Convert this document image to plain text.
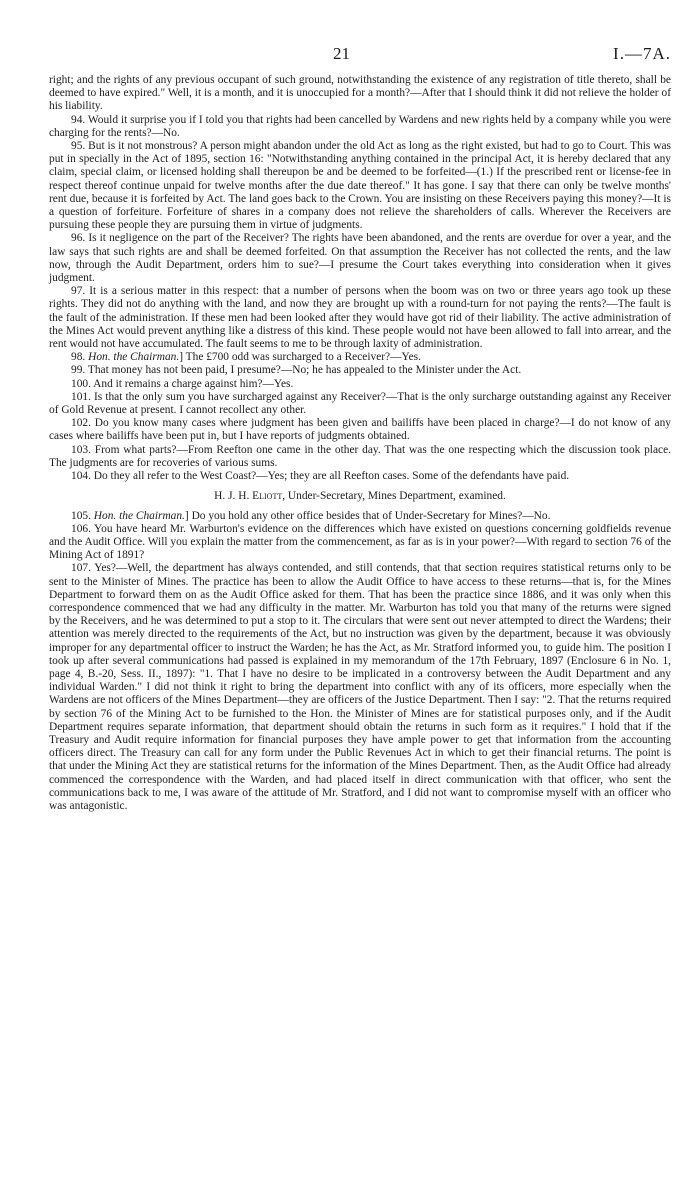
21	I.—7A.

right; and the rights of any previous occupant of such ground, notwithstanding the existence of any registration of title thereto, shall be deemed to have expired." Well, it is a month, and it is unoccupied for a month?—After that I should think it did not relieve the holder of his liability.

94. Would it surprise you if I told you that rights had been cancelled by Wardens and new rights held by a company while you were charging for the rents?—No.

95. But is it not monstrous? A person might abandon under the old Act as long as the right existed, but had to go to Court. This was put in specially in the Act of 1895, section 16: "Notwithstanding anything contained in the principal Act, it is hereby declared that any claim, special claim, or licensed holding shall thereupon be and be deemed to be forfeited—(1.) If the prescribed rent or license-fee in respect thereof continue unpaid for twelve months after the due date thereof." It has gone. I say that there can only be twelve months' rent due, because it is forfeited by Act. The land goes back to the Crown. You are insisting on these Receivers paying this money?—It is a question of forfeiture. Forfeiture of shares in a company does not relieve the shareholders of calls. Wherever the Receivers are pursuing these people they are pursuing them in virtue of judgments.

96. Is it negligence on the part of the Receiver? The rights have been abandoned, and the rents are overdue for over a year, and the law says that such rights are and shall be deemed forfeited. On that assumption the Receiver has not collected the rents, and the law now, through the Audit Department, orders him to sue?—I presume the Court takes everything into consideration when it gives judgment.

97. It is a serious matter in this respect: that a number of persons when the boom was on two or three years ago took up these rights. They did not do anything with the land, and now they are brought up with a round-turn for not paying the rents?—The fault is the fault of the administration. If these men had been looked after they would have got rid of their liability. The active administration of the Mines Act would prevent anything like a distress of this kind. These people would not have been allowed to fall into arrear, and the rent would not have accumulated. The fault seems to me to be through laxity of administration.

98. Hon. the Chairman.] The £700 odd was surcharged to a Receiver?—Yes.

99. That money has not been paid, I presume?—No; he has appealed to the Minister under the Act.

100. And it remains a charge against him?—Yes.

101. Is that the only sum you have surcharged against any Receiver?—That is the only surcharge outstanding against any Receiver of Gold Revenue at present. I cannot recollect any other.

102. Do you know many cases where judgment has been given and bailiffs have been placed in charge?—I do not know of any cases where bailiffs have been put in, but I have reports of judgments obtained.

103. From what parts?—From Reefton one came in the other day. That was the one respecting which the discussion took place. The judgments are for recoveries of various sums.

104. Do they all refer to the West Coast?—Yes; they are all Reefton cases. Some of the defendants have paid.

H. J. H. Eliott, Under-Secretary, Mines Department, examined.

105. Hon. the Chairman.] Do you hold any other office besides that of Under-Secretary for Mines?—No.

106. You have heard Mr. Warburton's evidence on the differences which have existed on questions concerning goldfields revenue and the Audit Office. Will you explain the matter from the commencement, as far as is in your power?—With regard to section 76 of the Mining Act of 1891?

107. Yes?—Well, the department has always contended, and still contends, that that section requires statistical returns only to be sent to the Minister of Mines. The practice has been to allow the Audit Office to have access to these returns—that is, for the Mines Department to forward them on as the Audit Office asked for them. That has been the practice since 1886, and it was only when this correspondence commenced that we had any difficulty in the matter. Mr. Warburton has told you that many of the returns were signed by the Receivers, and he was determined to put a stop to it. The circulars that were sent out never attempted to direct the Wardens; their attention was merely directed to the requirements of the Act, but no instruction was given by the department, because it was obviously improper for any departmental officer to instruct the Warden; he has the Act, as Mr. Stratford informed you, to guide him. The position I took up after several communications had passed is explained in my memorandum of the 17th February, 1897 (Enclosure 6 in No. 1, page 4, B.-20, Sess. II., 1897): "1. That I have no desire to be implicated in a controversy between the Audit Department and any individual Warden." I did not think it right to bring the department into conflict with any of its officers, more especially when the Wardens are not officers of the Mines Department—they are officers of the Justice Department. Then I say: "2. That the returns required by section 76 of the Mining Act to be furnished to the Hon. the Minister of Mines are for statistical purposes only, and if the Audit Department requires separate information, that department should obtain the returns in such form as it requires." I hold that if the Treasury and Audit require information for financial purposes they have ample power to get that information from the accounting officers direct. The Treasury can call for any form under the Public Revenues Act in which to get their financial returns. The point is that under the Mining Act they are statistical returns for the information of the Mines Department. Then, as the Audit Office had already commenced the correspondence with the Warden, and had placed itself in direct communication with that officer, who sent the communications back to me, I was aware of the attitude of Mr. Stratford, and I did not want to compromise myself with an officer who was antagonistic.
